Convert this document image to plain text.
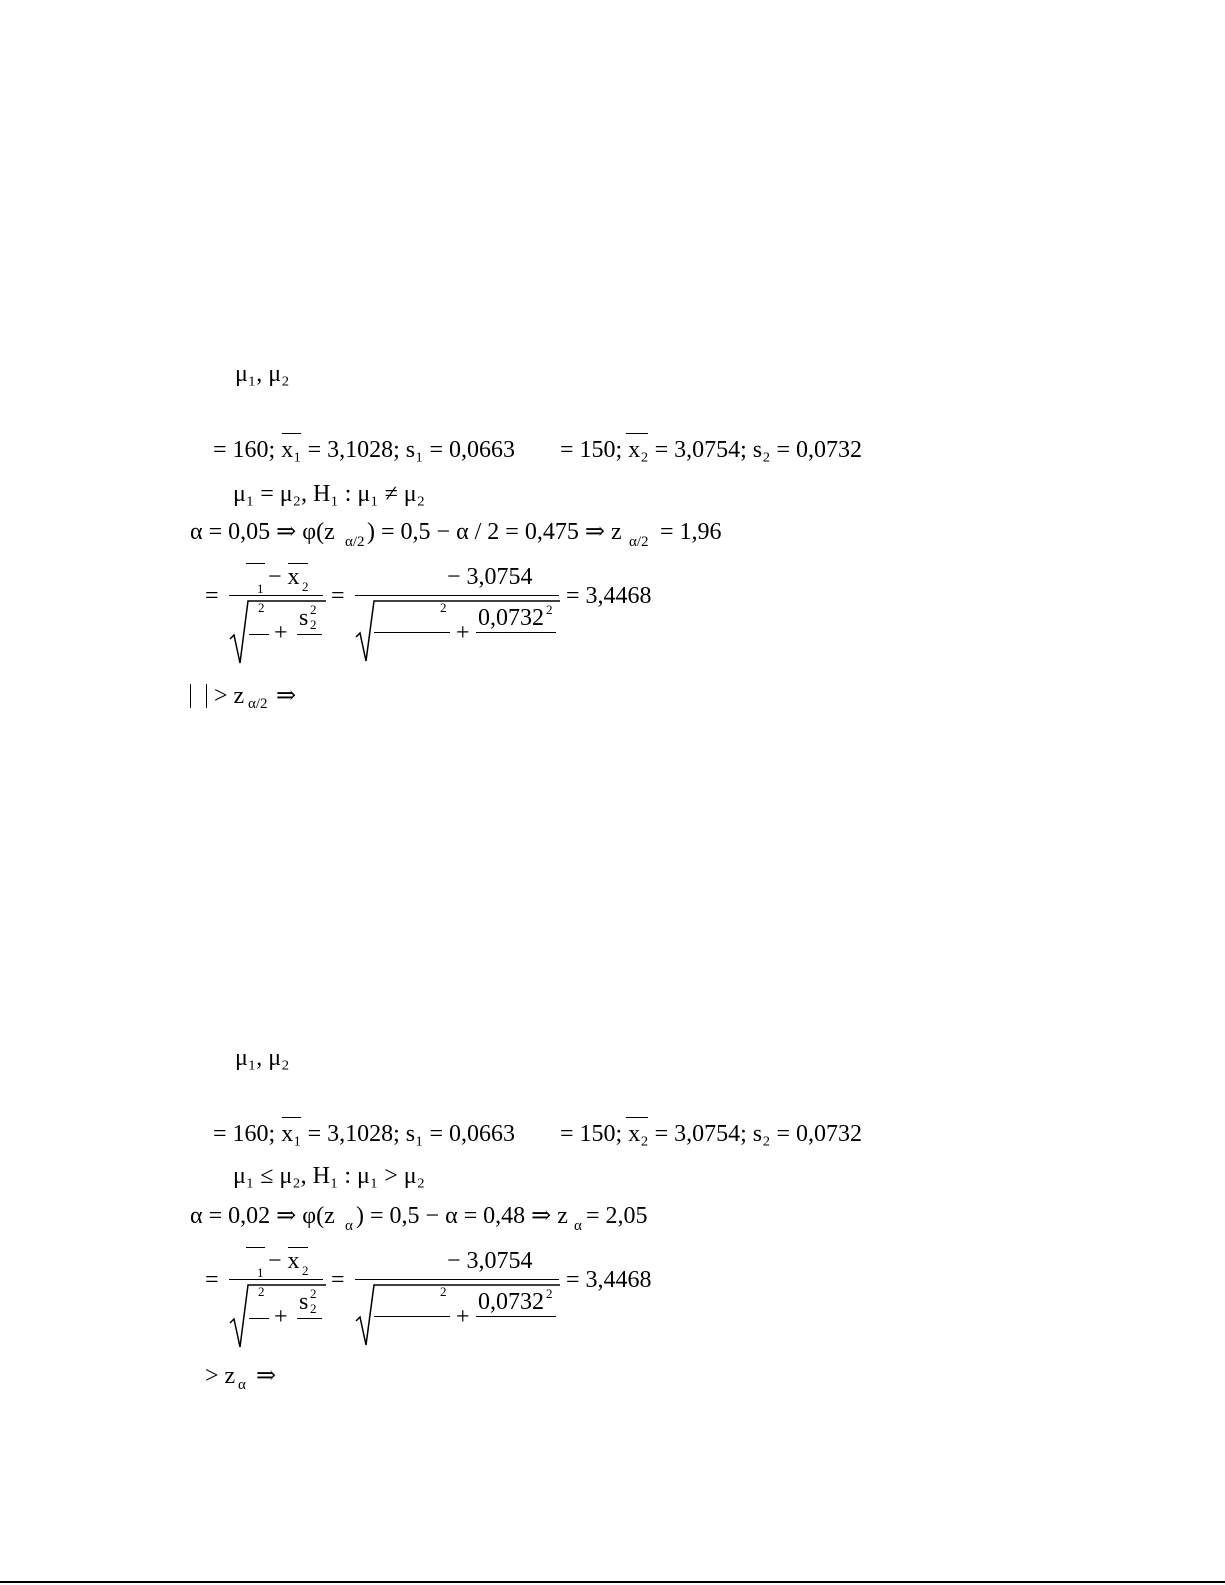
μ₁, μ₂
= 160; x₁ = 3,1028; s₁ = 0,0663 = 150; x₂ = 3,0754; s₂ = 0,0732
μ₁ = μ₂, H₁ : μ₁ ≠ μ₂
α = 0,05 ⇒ φ(z α/2 ) = 0,5 − α / 2 = 0,475 ⇒ z α/2 = 1,96
=	1 − x 2
2
+
s 2
2
=
− 3,0754
2
+
0,0732 2
= 3,4468
> z α/2 ⇒
μ₁, μ₂
= 160; x₁ = 3,1028; s₁ = 0,0663 = 150; x₂ = 3,0754; s₂ = 0,0732
μ₁ ≤ μ₂, H₁ : μ₁ > μ₂
α = 0,02 ⇒ φ(z α ) = 0,5 − α = 0,48 ⇒ z α = 2,05
=	1 − x 2
2
+
s 2
2
=
− 3,0754
2
+
0,0732 2
= 3,4468
> z α ⇒
